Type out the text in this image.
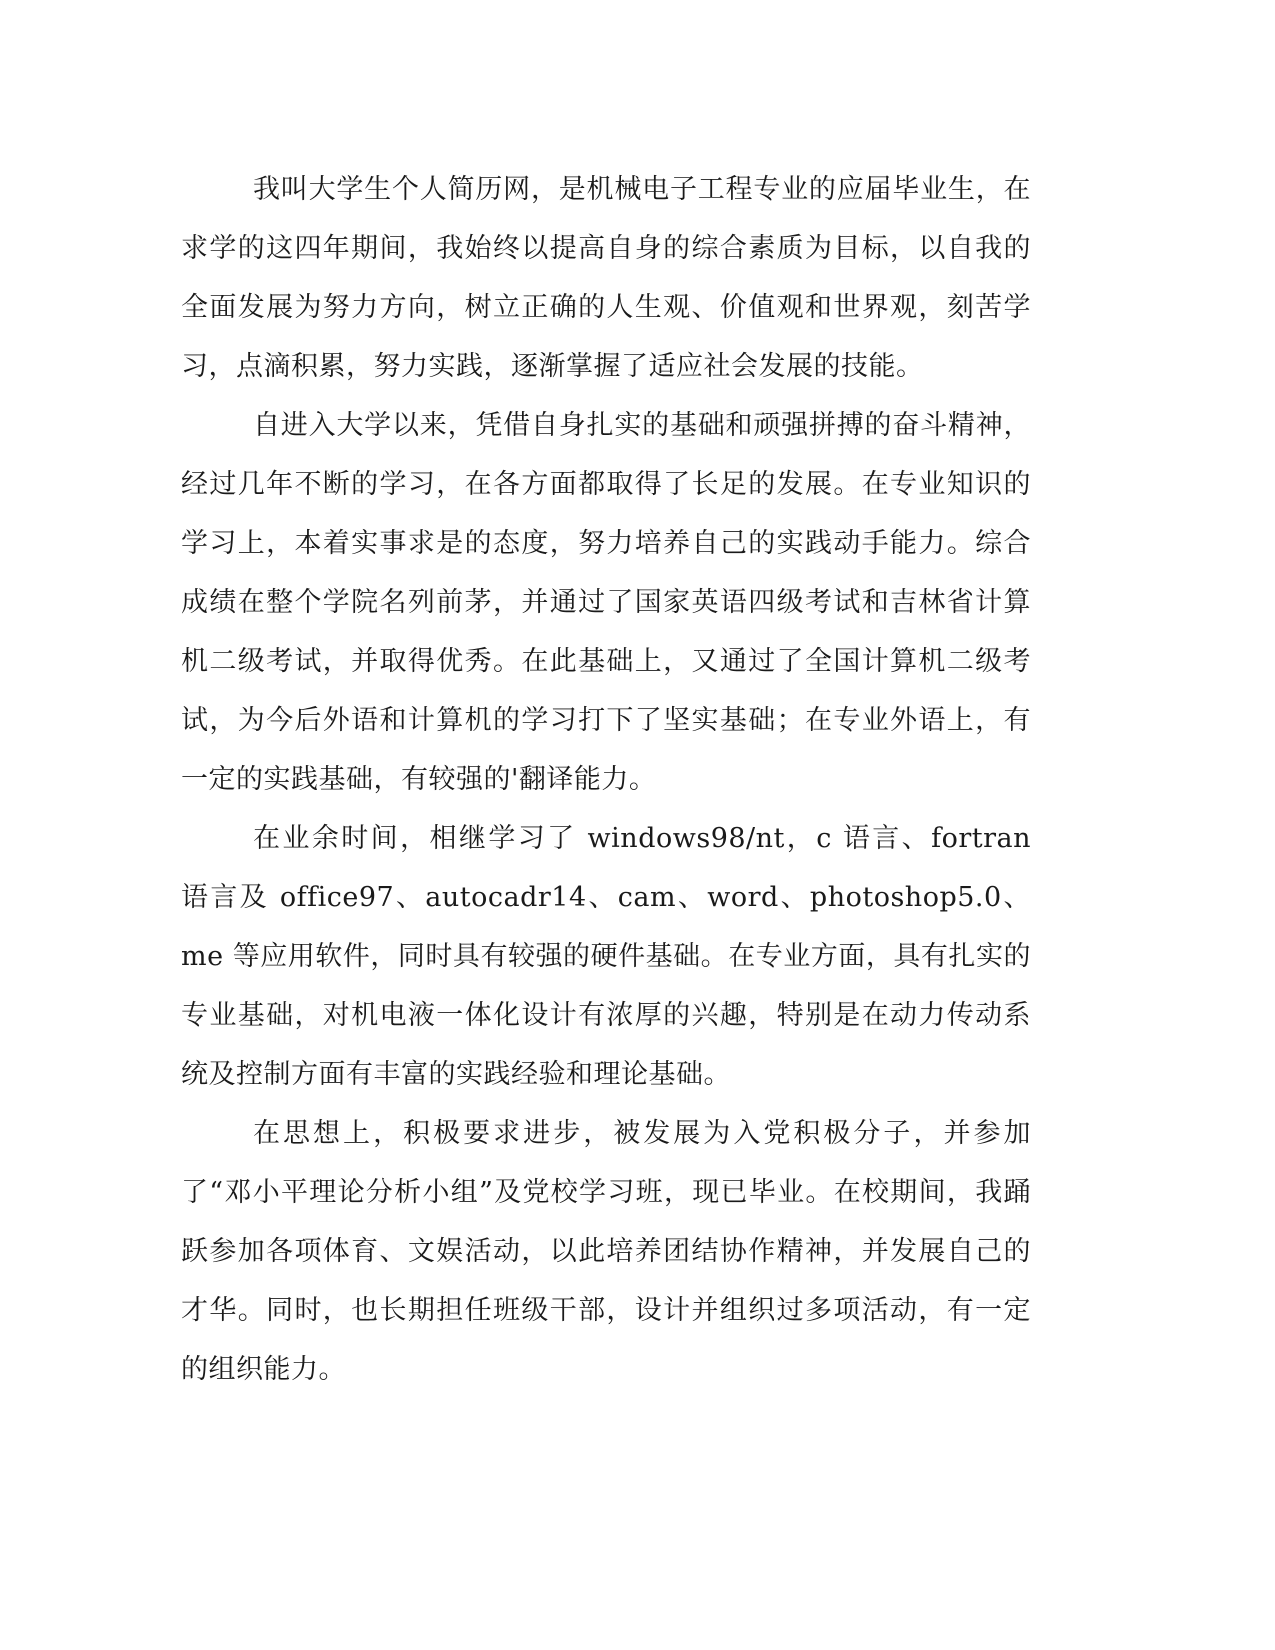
我叫大学生个人简历网，是机械电子工程专业的应届毕业生，在求学的这四年期间，我始终以提高自身的综合素质为目标，以自我的全面发展为努力方向，树立正确的人生观、价值观和世界观，刻苦学习，点滴积累，努力实践，逐渐掌握了适应社会发展的技能。

自进入大学以来，凭借自身扎实的基础和顽强拼搏的奋斗精神，经过几年不断的学习，在各方面都取得了长足的发展。在专业知识的学习上，本着实事求是的态度，努力培养自己的实践动手能力。综合成绩在整个学院名列前茅，并通过了国家英语四级考试和吉林省计算机二级考试，并取得优秀。在此基础上，又通过了全国计算机二级考试，为今后外语和计算机的学习打下了坚实基础；在专业外语上，有一定的实践基础，有较强的'翻译能力。

在业余时间，相继学习了 windows98/nt，c 语言、fortran 语言及 office97、autocadr14、cam、word、photoshop5.0、me 等应用软件，同时具有较强的硬件基础。在专业方面，具有扎实的专业基础，对机电液一体化设计有浓厚的兴趣，特别是在动力传动系统及控制方面有丰富的实践经验和理论基础。

在思想上，积极要求进步，被发展为入党积极分子，并参加了“邓小平理论分析小组”及党校学习班，现已毕业。在校期间，我踊跃参加各项体育、文娱活动，以此培养团结协作精神，并发展自己的才华。同时，也长期担任班级干部，设计并组织过多项活动，有一定的组织能力。
